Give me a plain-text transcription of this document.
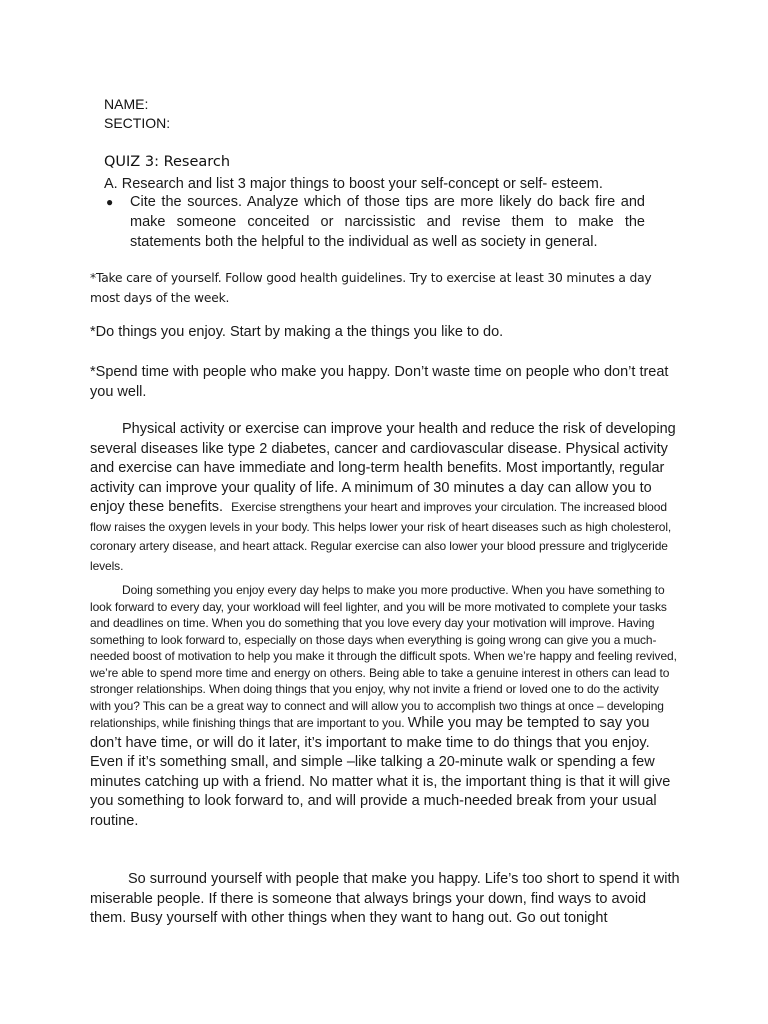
NAME:
SECTION:
QUIZ 3: Research
A. Research and list 3 major things to boost your self-concept or self- esteem.
● Cite the sources. Analyze which of those tips are more likely do back fire and make someone conceited or narcissistic and revise them to make the statements both the helpful to the individual as well as society in general.
*Take care of yourself. Follow good health guidelines. Try to exercise at least 30 minutes a day most days of the week.
*Do things you enjoy. Start by making a the things you like to do.
*Spend time with people who make you happy. Don’t waste time on people who don’t treat you well.
Physical activity or exercise can improve your health and reduce the risk of developing several diseases like type 2 diabetes, cancer and cardiovascular disease. Physical activity and exercise can have immediate and long-term health benefits. Most importantly, regular activity can improve your quality of life. A minimum of 30 minutes a day can allow you to enjoy these benefits. Exercise strengthens your heart and improves your circulation. The increased blood flow raises the oxygen levels in your body. This helps lower your risk of heart diseases such as high cholesterol, coronary artery disease, and heart attack. Regular exercise can also lower your blood pressure and triglyceride levels.
Doing something you enjoy every day helps to make you more productive. When you have something to look forward to every day, your workload will feel lighter, and you will be more motivated to complete your tasks and deadlines on time. When you do something that you love every day your motivation will improve. Having something to look forward to, especially on those days when everything is going wrong can give you a much-needed boost of motivation to help you make it through the difficult spots. When we’re happy and feeling revived, we’re able to spend more time and energy on others. Being able to take a genuine interest in others can lead to stronger relationships. When doing things that you enjoy, why not invite a friend or loved one to do the activity with you? This can be a great way to connect and will allow you to accomplish two things at once – developing relationships, while finishing things that are important to you. While you may be tempted to say you don’t have time, or will do it later, it’s important to make time to do things that you enjoy. Even if it’s something small, and simple –like talking a 20-minute walk or spending a few minutes catching up with a friend. No matter what it is, the important thing is that it will give you something to look forward to, and will provide a much-needed break from your usual routine.
So surround yourself with people that make you happy. Life’s too short to spend it with miserable people. If there is someone that always brings your down, find ways to avoid them. Busy yourself with other things when they want to hang out. Go out tonight
